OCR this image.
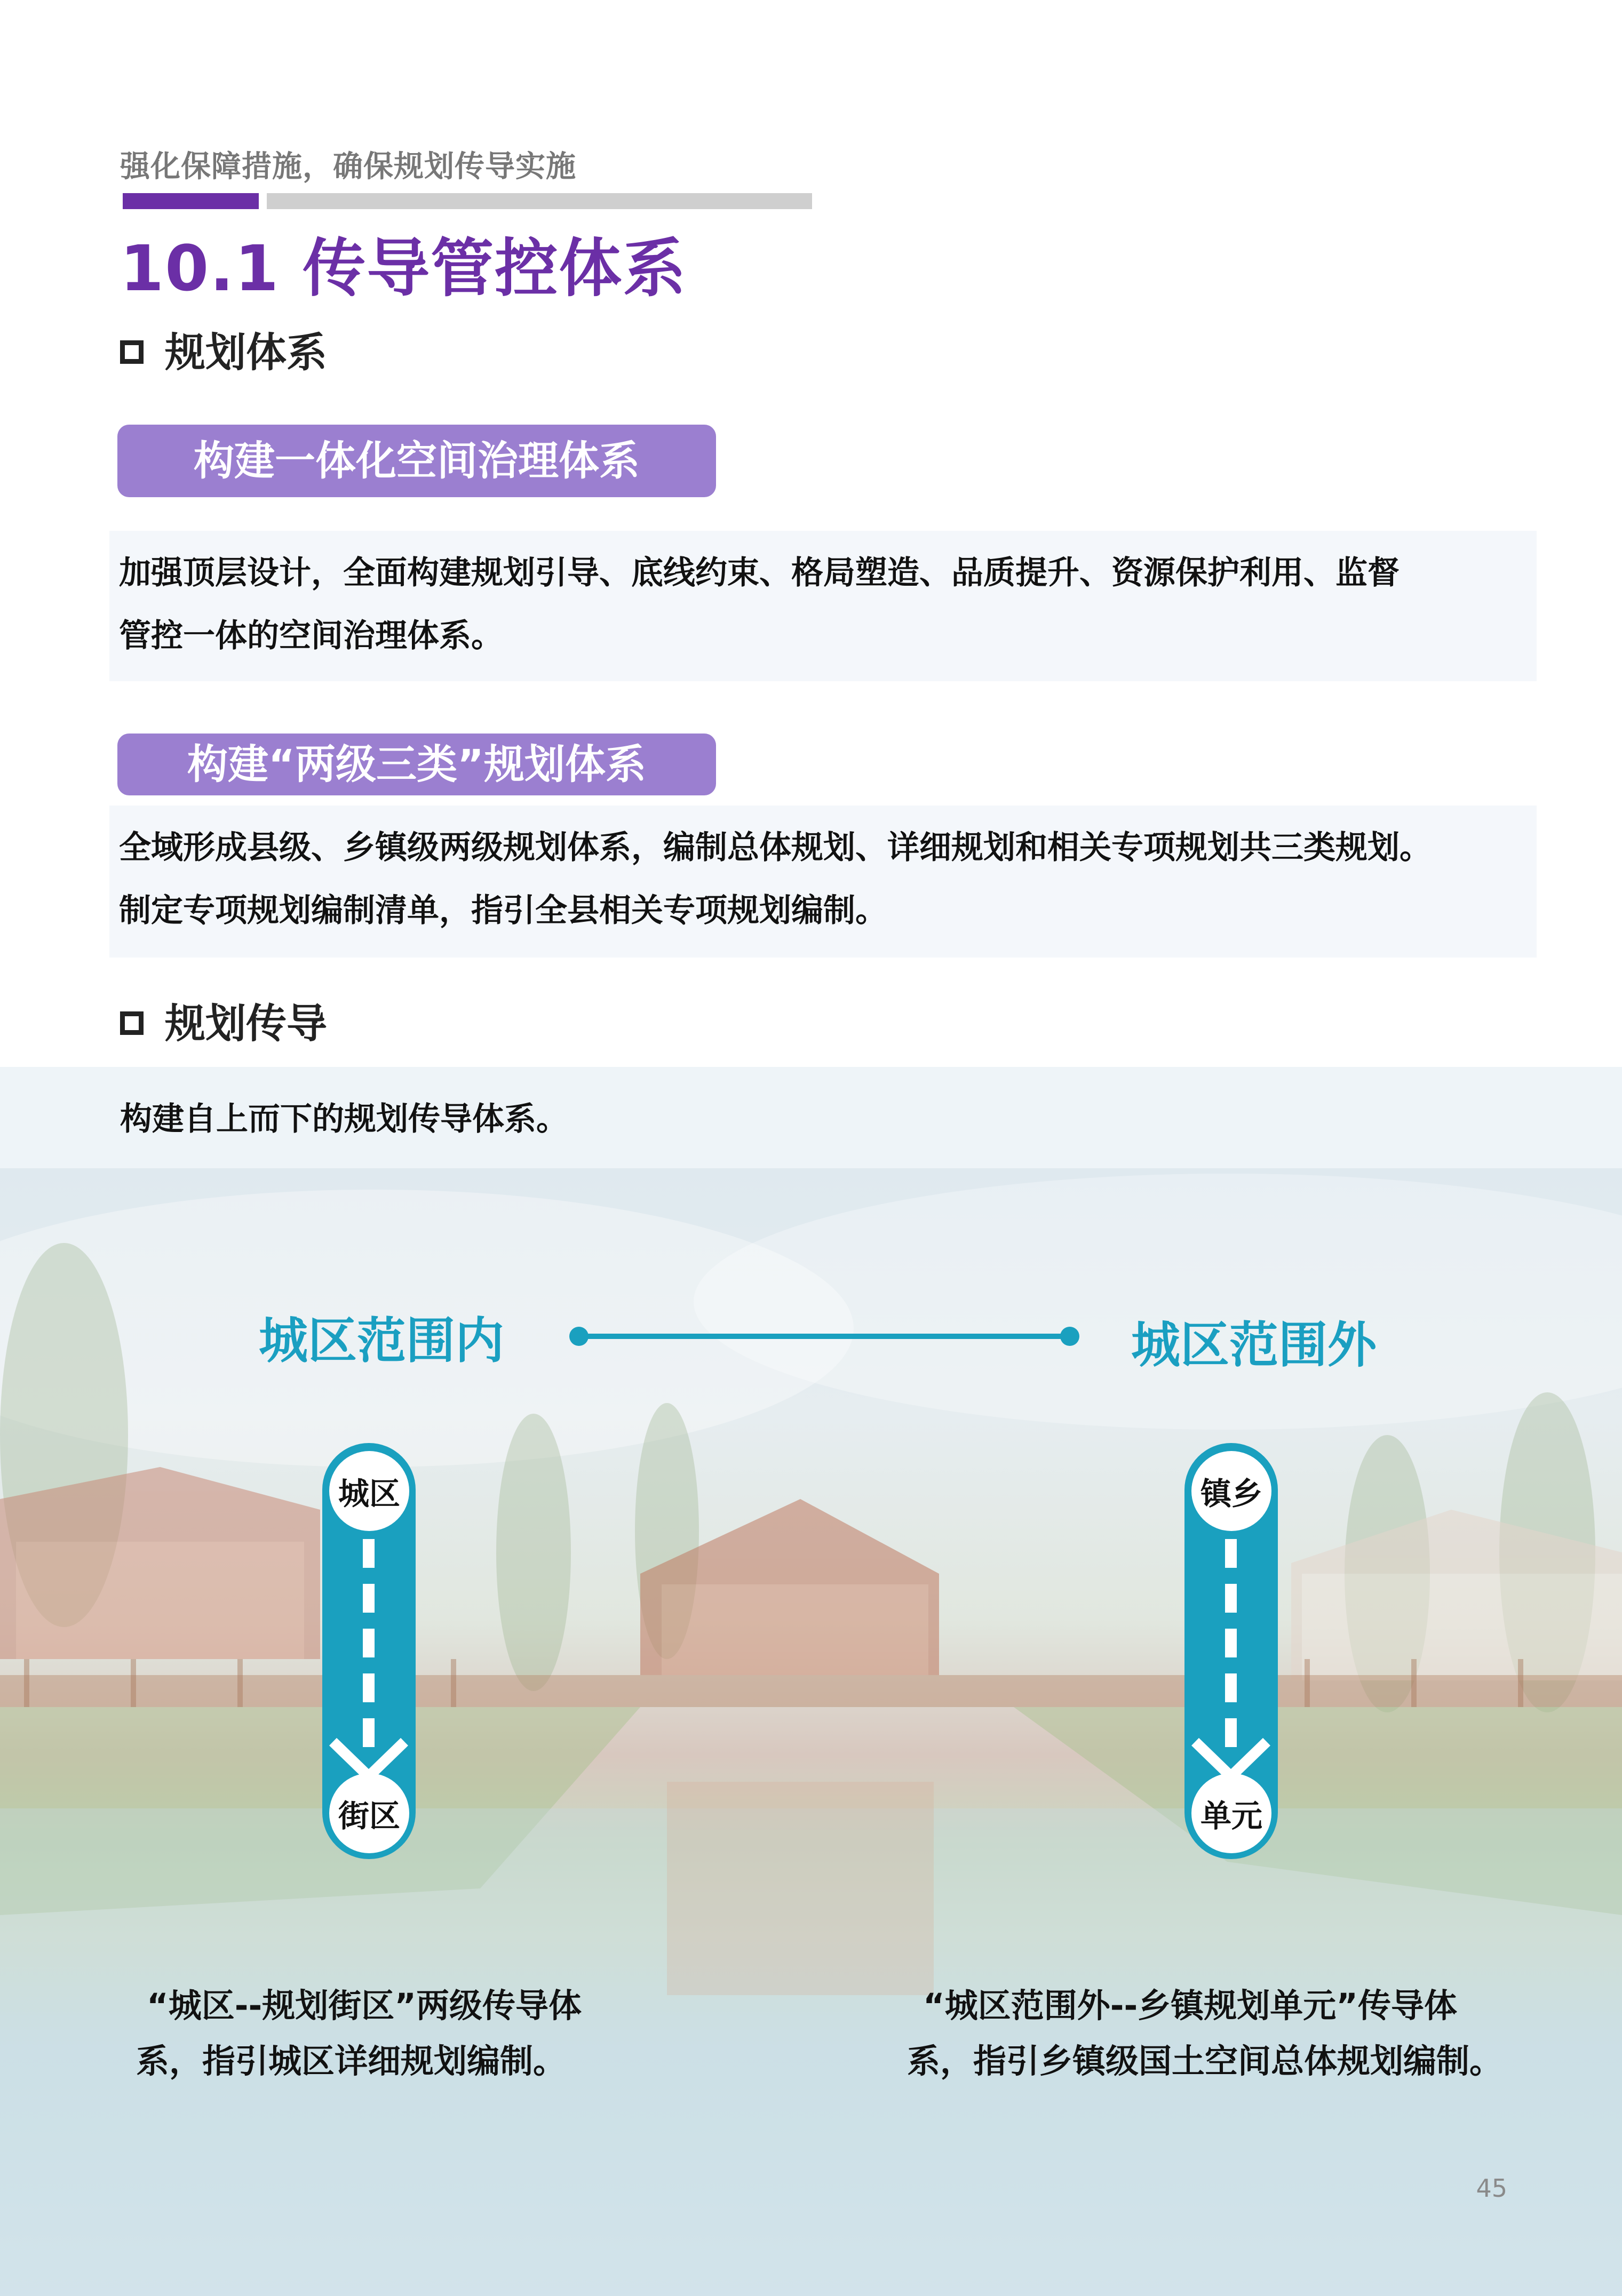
强化保障措施，确保规划传导实施
10.1 传导管控体系
规划体系
构建一体化空间治理体系
加强顶层设计，全面构建规划引导、底线约束、格局塑造、品质提升、资源保护利用、监督
管控一体的空间治理体系。
构建“两级三类”规划体系
全域形成县级、乡镇级两级规划体系，编制总体规划、详细规划和相关专项规划共三类规划。
制定专项规划编制清单，指引全县相关专项规划编制。
规划传导
构建自上而下的规划传导体系。
城区范围内	城区范围外
城区
街区
镇乡
单元
“城区--规划街区”两级传导体
系，指引城区详细规划编制。
“城区范围外--乡镇规划单元”传导体
系，指引乡镇级国土空间总体规划编制。
45
